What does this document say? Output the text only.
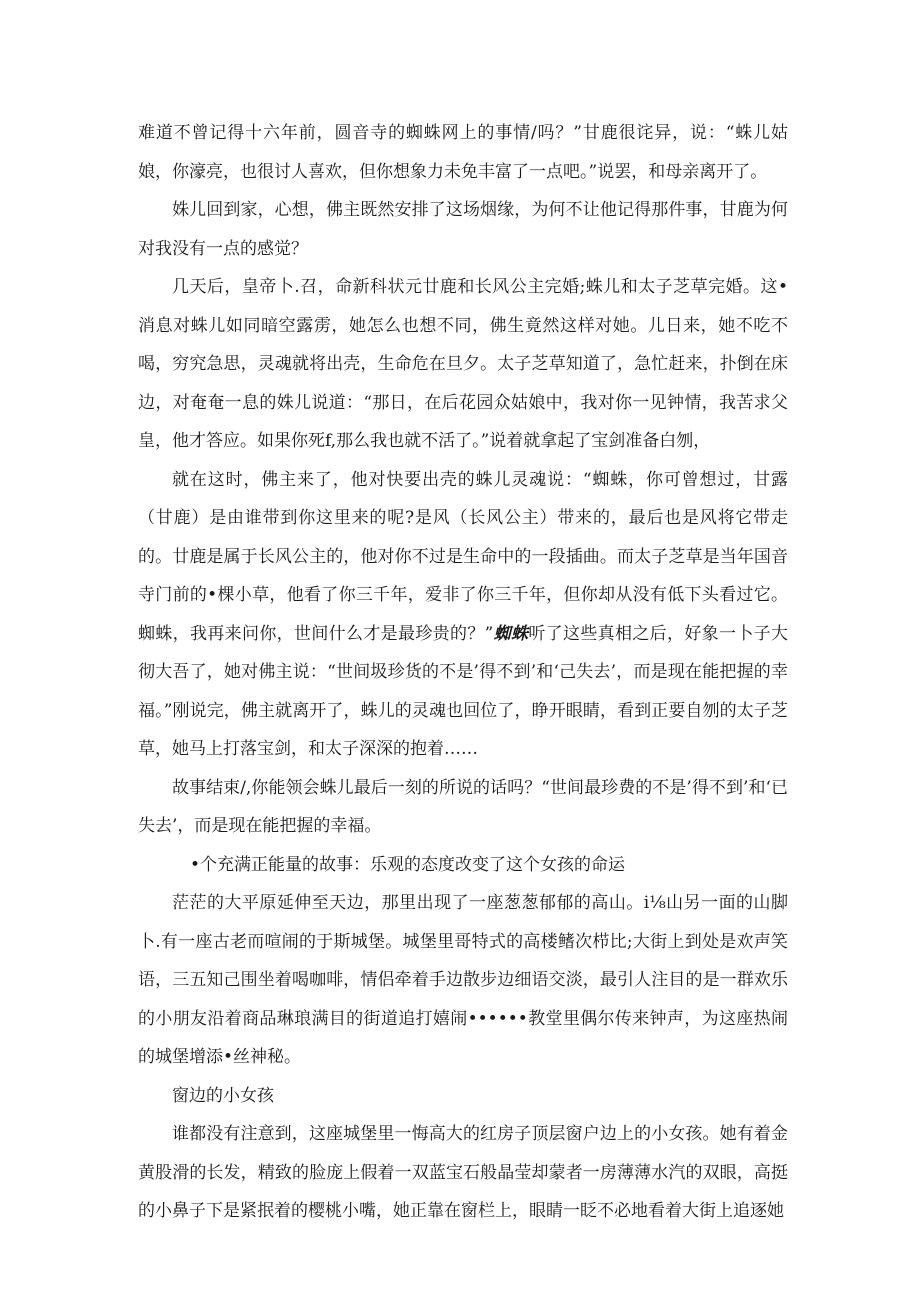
难道不曾记得十六年前，圆音寺的蜘蛛网上的事情/吗？”甘鹿很诧异，说：“蛛儿姑娘，你濠亮，也很讨人喜欢，但你想象力未免丰富了一点吧。”说罢，和母亲离开了。

姝儿回到家，心想，佛主既然安排了这场烟缘，为何不让他记得那件事，甘鹿为何对我没有一点的感觉？

几天后，皇帝卜.召，命新科状元廿鹿和长风公主完婚;蛛儿和太子芝草完婚。这•消息对蛛儿如同暗空露雳，她怎么也想不同，佛生竟然这样对她。儿日来，她不吃不喝，穷究急思，灵魂就将出壳，生命危在旦夕。太子芝草知道了，急忙赶来，扑倒在床边，对奄奄一息的姝儿说道：“那日，在后花园众姑娘中，我对你一见钟情，我苦求父皇，他才答应。如果你死f,那么我也就不活了。”说着就拿起了宝剑准备白刎，

就在这时，佛主来了，他对快要出壳的蛛儿灵魂说：“蜘蛛，你可曾想过，甘露（甘鹿）是由谁带到你这里来的呢?是风（长风公主）带来的，最后也是风将它带走的。廿鹿是属于长风公主的，他对你不过是生命中的一段插曲。而太子芝草是当年国音寺门前的•棵小草，他看了你三千年，爱非了你三千年，但你却从没有低下头看过它。蜘蛛，我再来问你，世间什么才是最珍贵的？”蜘蛛听了这些真相之后，好象一卜子大彻大吾了，她对佛主说：“世间圾珍货的不是’得不到’和‘己失去’，而是现在能把握的幸福。”刚说完，佛主就离开了，蛛儿的灵魂也回位了，睁开眼睛，看到正要自刎的太子芝草，她马上打落宝剑，和太子深深的抱着……

故事结束/,你能领会蛛儿最后一刻的所说的话吗？“世间最珍费的不是’得不到’和‘已失去’，而是现在能把握的幸福。

•个充满正能量的故事：乐观的态度改变了这个女孩的命运

茫茫的大平原延伸至天边，那里出现了一座葱葱郁郁的高山。i⅛山另一面的山脚卜.有一座古老而喧闹的于斯城堡。城堡里哥特式的高楼鳍次栉比;大街上到处是欢声笑语，三五知己围坐着喝咖啡，情侣牵着手边散步边细语交淡，最引人注目的是一群欢乐的小朋友沿着商品琳琅满目的街道追打嬉闹••••••教堂里偶尔传来钟声，为这座热闹的城堡增添•丝神秘。

窗边的小女孩

谁都没有注意到，这座城堡里一悔高大的红房子顶层窗户边上的小女孩。她有着金黄股滑的长发，精致的脸庞上假着一双蓝宝石般晶莹却蒙者一房薄薄水汽的双眼，高挺的小鼻子下是紧抿着的樱桃小嘴，她正靠在窗栏上，眼睛一眨不必地看着大街上追逐她
